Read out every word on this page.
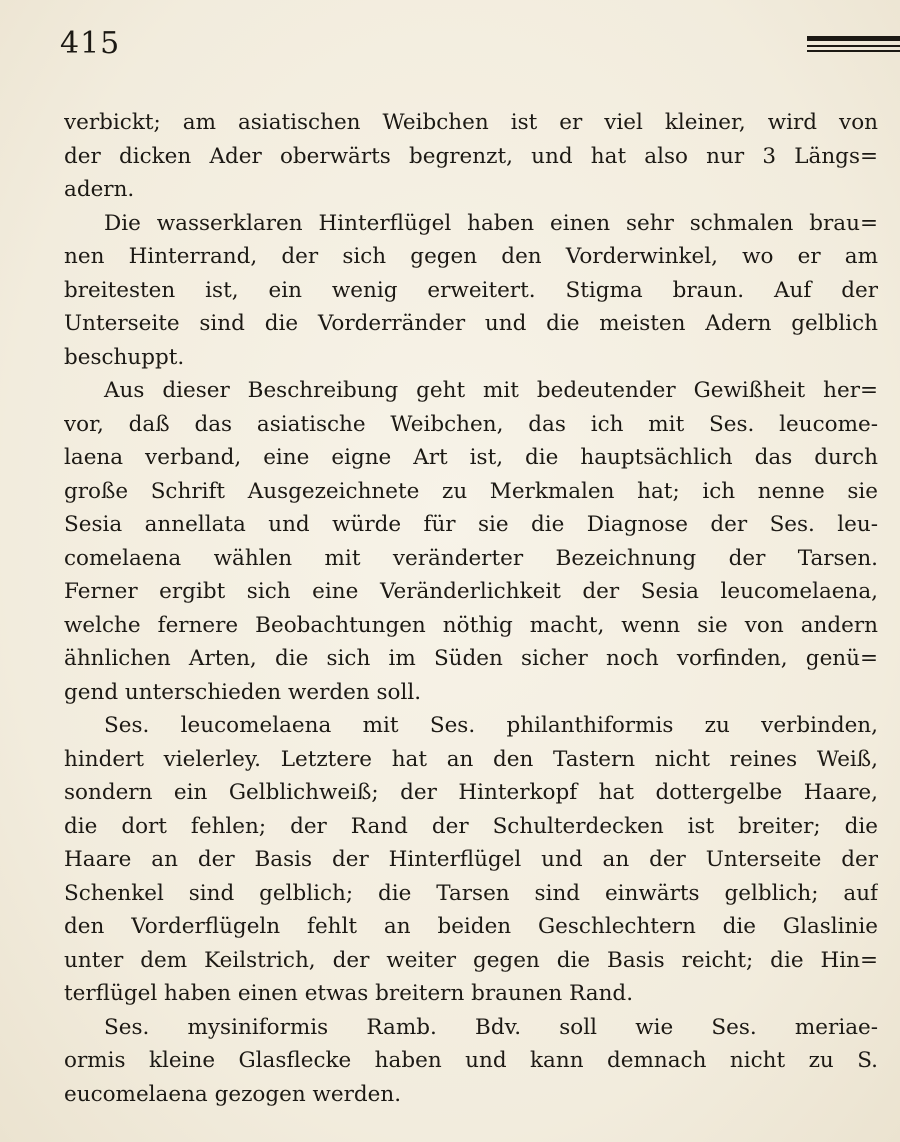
415
verbickt; am asiatischen Weibchen ist er viel kleiner, wird von
der dicken Ader oberwärts begrenzt, und hat also nur 3 Längs=
adern.
Die wasserklaren Hinterflügel haben einen sehr schmalen brau=
nen Hinterrand, der sich gegen den Vorderwinkel, wo er am
breitesten ist, ein wenig erweitert. Stigma braun. Auf der
Unterseite sind die Vorderränder und die meisten Adern gelblich
beschuppt.
Aus dieser Beschreibung geht mit bedeutender Gewißheit her=
vor, daß das asiatische Weibchen, das ich mit Ses. leucome-
laena verband, eine eigne Art ist, die hauptsächlich das durch
große Schrift Ausgezeichnete zu Merkmalen hat; ich nenne sie
Sesia annellata und würde für sie die Diagnose der Ses. leu-
comelaena wählen mit veränderter Bezeichnung der Tarsen.
Ferner ergibt sich eine Veränderlichkeit der Sesia leucomelaena,
welche fernere Beobachtungen nöthig macht, wenn sie von andern
ähnlichen Arten, die sich im Süden sicher noch vorfinden, genü=
gend unterschieden werden soll.
Ses. leucomelaena mit Ses. philanthiformis zu verbinden,
hindert vielerley. Letztere hat an den Tastern nicht reines Weiß,
sondern ein Gelblichweiß; der Hinterkopf hat dottergelbe Haare,
die dort fehlen; der Rand der Schulterdecken ist breiter; die
Haare an der Basis der Hinterflügel und an der Unterseite der
Schenkel sind gelblich; die Tarsen sind einwärts gelblich; auf
den Vorderflügeln fehlt an beiden Geschlechtern die Glaslinie
unter dem Keilstrich, der weiter gegen die Basis reicht; die Hin=
terflügel haben einen etwas breitern braunen Rand.
Ses. mysiniformis Ramb. Bdv. soll wie Ses. meriae-
ormis kleine Glasflecke haben und kann demnach nicht zu S.
eucomelaena gezogen werden.
